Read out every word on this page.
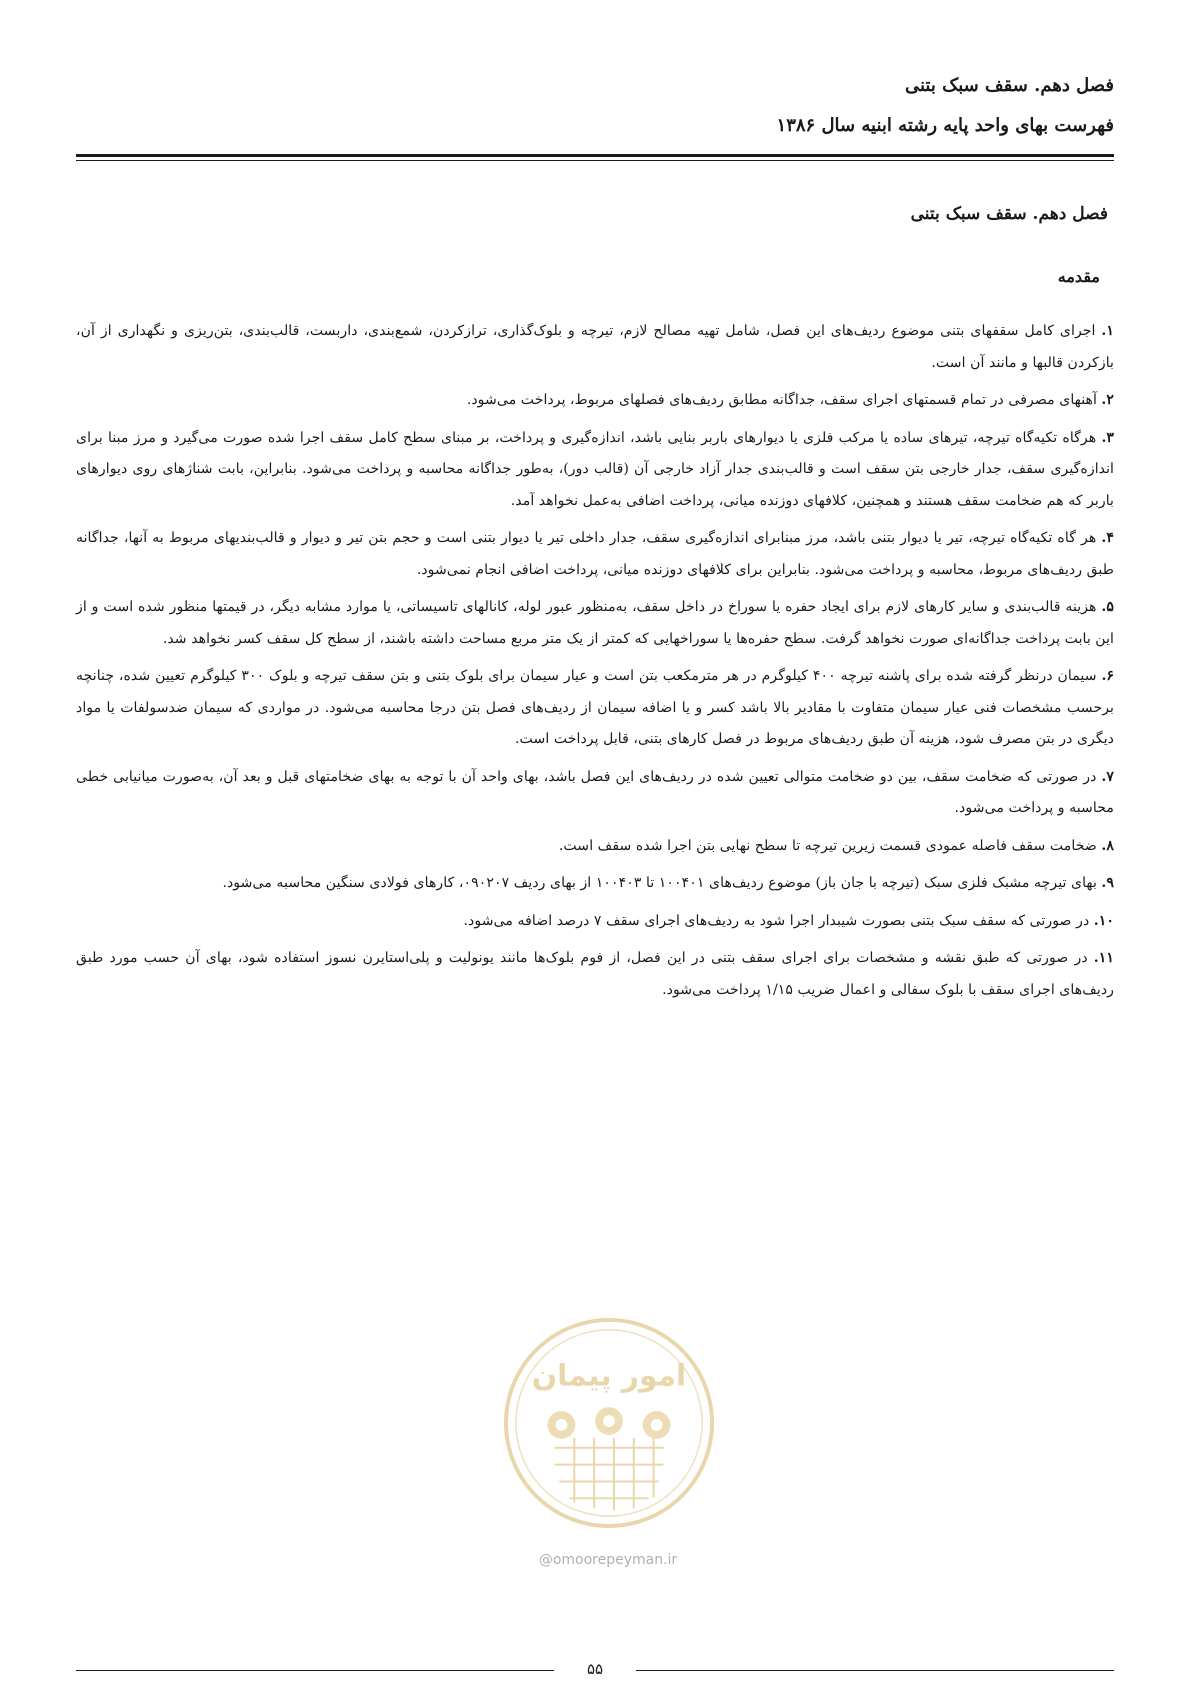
فصل دهم. سقف سبک بتنی
فهرست بهای واحد پایه رشته ابنیه سال ۱۳۸۶
فصل دهم. سقف سبک بتنی
مقدمه

۱. اجرای کامل سقفهای بتنی موضوع ردیف‌های این فصل، شامل تهیه مصالح لازم، تیرچه و بلوک‌گذاری، ترازکردن، شمع‌بندی، داربست، قالب‌بندی، بتن‌ریزی و نگهداری از آن، بازکردن قالبها و مانند آن است.

۲. آهنهای مصرفی در تمام قسمتهای اجرای سقف، جداگانه مطابق ردیف‌های فصلهای مربوط، پرداخت می‌شود.

۳. هرگاه تکیه‌گاه تیرچه، تیرهای ساده یا مرکب فلزی یا دیوارهای باربر بنایی باشد، اندازه‌گیری و پرداخت، بر مبنای سطح کامل سقف اجرا شده صورت می‌گیرد و مرز مبنا برای اندازه‌گیری سقف، جدار خارجی بتن سقف است و قالب‌بندی جدار آزاد خارجی آن (قالب دور)، به‌طور جداگانه محاسبه و پرداخت می‌شود. بنابراین، بابت شناژهای روی دیوارهای باربر که هم ضخامت سقف هستند و همچنین، کلافهای دوزنده میانی، پرداخت اضافی به‌عمل نخواهد آمد.

۴. هر گاه تکیه‌گاه تیرچه، تیر یا دیوار بتنی باشد، مرز مبنابرای اندازه‌گیری سقف، جدار داخلی تیر یا دیوار بتنی است و حجم بتن تیر و دیوار و قالب‌بندیهای مربوط به آنها، جداگانه طبق ردیف‌های مربوط، محاسبه و پرداخت می‌شود. بنابراین برای کلافهای دوزنده میانی، پرداخت اضافی انجام نمی‌شود.

۵. هزینه قالب‌بندی و سایر کارهای لازم برای ایجاد حفره یا سوراخ در داخل سقف، به‌منظور عبور لوله، کانالهای تاسیساتی، یا موارد مشابه دیگر، در قیمتها منظور شده است و از این بابت پرداخت جداگانه‌ای صورت نخواهد گرفت. سطح حفره‌ها یا سوراخهایی که کمتر از یک متر مربع مساحت داشته باشند، از سطح کل سقف کسر نخواهد شد.

۶. سیمان درنظر گرفته شده برای پاشنه تیرچه ۴۰۰ کیلوگرم در هر مترمکعب بتن است و عیار سیمان برای بلوک بتنی و بتن سقف تیرچه و بلوک ۳۰۰ کیلوگرم تعیین شده، چنانچه برحسب مشخصات فنی عیار سیمان متفاوت با مقادیر بالا باشد کسر و یا اضافه سیمان از ردیف‌های فصل بتن درجا محاسبه می‌شود. در مواردی که سیمان ضدسولفات یا مواد دیگری در بتن مصرف شود، هزینه آن طبق ردیف‌های مربوط در فصل کارهای بتنی، قابل پرداخت است.

۷. در صورتی که ضخامت سقف، بین دو ضخامت متوالی تعیین شده در ردیف‌های این فصل باشد، بهای واحد آن با توجه به بهای ضخامتهای قبل و بعد آن، به‌صورت میانیابی خطی محاسبه و پرداخت می‌شود.

۸. ضخامت سقف فاصله عمودی قسمت زیرین تیرچه تا سطح نهایی بتن اجرا شده سقف است.

۹. بهای تیرچه مشبک فلزی سبک (تیرچه با جان باز) موضوع ردیف‌های ۱۰۰۴۰۱ تا ۱۰۰۴۰۳ از بهای ردیف ۰۹۰۲۰۷، کارهای فولادی سنگین محاسبه می‌شود.

۱۰. در صورتی که سقف سبک بتنی بصورت شیبدار اجرا شود به ردیف‌های اجرای سقف ۷ درصد اضافه می‌شود.

۱۱. در صورتی که طبق نقشه و مشخصات برای اجرای سقف بتنی در این فصل، از فوم بلوک‌ها مانند یونولیت و پلی‌استایرن نسوز استفاده شود، بهای آن حسب مورد طبق ردیف‌های اجرای سقف با بلوک سفالی و اعمال ضریب ۱/۱۵ پرداخت می‌شود.

امور پیمان
@omoorepeyman.ir
۵۵
